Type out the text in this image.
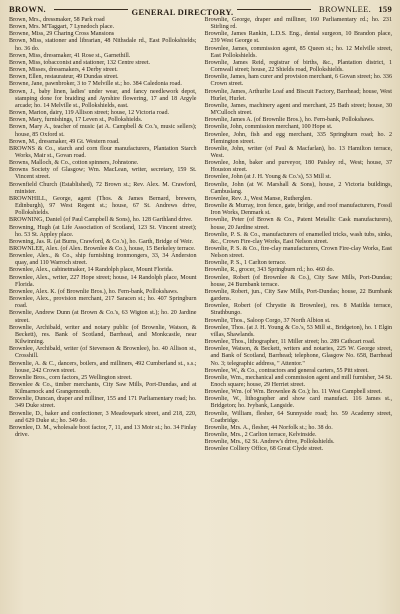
BROWN.	GENERAL DIRECTORY.	BROWNLEE. 159

Brown, Mrs., dressmaker, 58 Park road

Brown, Mrs. M'Taggart, 7 Lynedoch place.

Browne, Miss, 29 Charing Cross Mansions

Brown, Miss, stationer and librarian, 48 Nithsdale rd., East Pollokshields; ho. 36 do.

Brown, Miss, dressmaker, 41 Rose st., Garnethill.

Brown, Miss, tobacconist and stationer, 132 Centre street.

Brown, Misses, dressmakers, 4 Derby street.

Brown, Ellen, restaurateur, 49 Dundas street.

Browne, Jane, pawnbroker, 3 to 7 Melville st.; ho. 384 Caledonia road.

Brown, J., baby linen, ladies' under wear, and fancy needlework depot, stamping done for braiding and Ayrshire flowering, 17 and 18 Argyle arcade; ho. 14 Melville st., Pollokshields, east.

Brown, Marion, dairy, 119 Allison street; house, 12 Victoria road.

Brown, Mary, furnishings, 17 Leven st., Pollokshields.

Brown, Mary A., teacher of music (at A. Campbell & Co.'s, music sellers); house, 85 Oxford st.

Brown, M., dressmaker, 49 Gt. Western road.

BROWNS & Co., starch and corn flour manufacturers, Plantation Starch Works, Mair st., Govan road.

Browns, Malloch, & Co., cotton spinners, Johnstone.

Browns Society of Glasgow; Wm. MacLean, writer, secretary, 159 St. Vincent street.

Brownfield Church (Established), 72 Brown st.; Rev. Alex. M. Crawford, minister.

BROWNHILL, George, agent (Thos. & James Bernard, brewers, Edinburgh), 97 West Regent st.; house, 67 St. Andrews drive, Pollokshields.

BROWNING, Daniel (of Paul Campbell & Sons), ho. 128 Garthland drive.

Browning, Hugh (at Life Association of Scotland, 123 St. Vincent street); ho. 53 St. Appley place.

Browning, Jas. R. (at Burns, Crawford, & Co.'s), ho. Garth, Bridge of Weir.

BROWNLEE, Alex. (of Alex. Brownlee & Co.), house, 15 Berkeley terrace.

Brownlee, Alex., & Co., ship furnishing ironmongers, 33, 34 Anderston quay, and 110 Warroch street.

Brownlee, Alex., cabinetmaker, 14 Randolph place, Mount Florida.

Brownlee, Alex., writer, 227 Hope street; house, 14 Randolph place, Mount Florida.

Brownlee, Alex. K. (of Brownlie Bros.), ho. Fern-bank, Pollokshaws.

Brownlee, Alex., provision merchant, 217 Saracen st.; ho. 407 Springburn road.

Brownlie, Andrew Dunn (at Brown & Co.'s, 63 Wigton st.); ho. 20 Jardine street.

Brownlie, Archibald, writer and notary public (of Brownlie, Watson, & Beckett), res. Bank of Scotland, Barrhead, and Monkcastle, near Kilwinning.

Brownlee, Archibald, writer (of Stevenson & Brownlee), ho. 40 Allison st., Crosshill.

Brownlie, A. & C., dancers, boilers, and milliners, 492 Cumberland st., s.s.; house, 242 Crown street.

Brownlie Bros., corn factors, 25 Wellington street.

Brownlee & Co., timber merchants, City Saw Mills, Port-Dundas, and at Kilmarnock and Grangemouth.

Brownlie, Duncan, draper and milliner, 155 and 171 Parliamentary road; ho. 349 Duke street.

Brownlie, D., baker and confectioner, 3 Meadowpark street, and 218, 220, and 629 Duke st.; ho. 349 do.

Brownlee, D. M., wholesale boot factor, 7, 11, and 13 Moir st.; ho. 34 Finlay drive.

Brownlie, George, draper and milliner, 160 Parliamentary rd.; ho. 231 Stirling rd.

Brownlie, James Rankin, L.D.S. Eng., dental surgeon, 10 Brandon place, 239 West George st.

Brownlee, James, commission agent, 85 Queen st.; ho. 12 Melville street, East Pollokshields.

Brownlie, James Reid, registrar of births, &c., Plantation district, 1 Cornwall street; house, 22 Shields road, Pollokshields.

Brownlie, James, ham curer and provision merchant, 6 Govan street; ho. 336 Crown street.

Brownlie, James, Arthurlie Loaf and Biscuit Factory, Barrhead; house, West Hurlet, Hurlet.

Brownlie, James, machinery agent and merchant, 25 Bath street; house, 30 M'Culloch street.

Brownlie, James A. (of Brownlie Bros.), ho. Fern-bank, Pollokshaws.

Brownlie, John, commission merchant, 100 Hope st.

Brownlee, John, fish and egg merchant, 335 Springburn road; ho. 2 Flemington street.

Brownlie, John, writer (of Paul & Macfarlan), ho. 13 Hamilton terrace, West.

Brownlee, John, baker and purveyor, 180 Paisley rd., West; house, 37 Houston street.

Brownlee, John (at J. H. Young & Co.'s), 53 Mill st.

Brownlie, John (at W. Marshall & Sons), house, 2 Victoria buildings, Cambuslang.

Brownlee, Rev. J., West Manse, Rutherglen.

Brownlie & Murray, iron fence, gate, bridge, and roof manufacturers, Fossil Iron Works, Denmark st.

Brownlie, Peter (of Brown & Co., Patent Metallic Cask manufacturers), house, 20 Jardine street.

Brownlie, P. S. & Co., manufacturers of enamelled tricks, wash tubs, sinks, &c., Crown Fire-clay Works, East Nelson street.

Brownlie, P. S. & Co., fire-clay manufacturers, Crown Fire-clay Works, East Nelson street.

Brownlie, P. S., 1 Carlton terrace.

Brownlie, R., grocer, 343 Springburn rd.; ho. 460 do.

Brownlee, Robert (of Brownlee & Co.), City Saw Mills, Port-Dundas; house, 24 Burnbank terrace.

Brownlie, Robert, jun., City Saw Mills, Port-Dundas; house, 22 Burnbank gardens.

Brownlee, Robert (of Chrystie & Brownlee), res. 8 Matilda terrace, Strathbungo.

Brownlie, Thos., Saloop Corgo, 37 North Albion st.

Brownlee, Thos. (at J. H. Young & Co.'s, 53 Mill st., Bridgeton), ho. 1 Elgin villas, Shawlands.

Brownlee, Thos., lithographer, 11 Miller street; ho. 289 Cathcart road.

Brownlee, Watson, & Beckett, writers and notaries, 225 W. George street, and Bank of Scotland, Barrhead; telephone, Glasgow No. 658, Barrhead No. 3; telegraphic address, " Attentor."

Brownlee, W., & Co., contractors and general carters, 55 Pitt street.

Brownlie, Wm., mechanical and commission agent and mill furnisher, 34 St. Enoch square; house, 29 Herriet street.

Brownlee, Wm. (of Wm. Brownlee & Co.); ho. 11 West Campbell street.

Brownlie, W., lithographer and show card manufact. 116 James st., Bridgeton; ho. Ivybank, Langside.

Brownlie, William, flesher, 64 Sunnyside road; ho. 59 Academy street, Coatbridge.

Brownlie, Mrs. A., flesher, 44 Norfolk st.; ho. 38 do.

Brownlie, Mrs., 2 Carlton terrace, Kelvinside.

Brownlie, Mrs., 62 St. Andrew's drive, Pollokshields.

Brownlee Colliery Office, 68 Great Clyde street.
